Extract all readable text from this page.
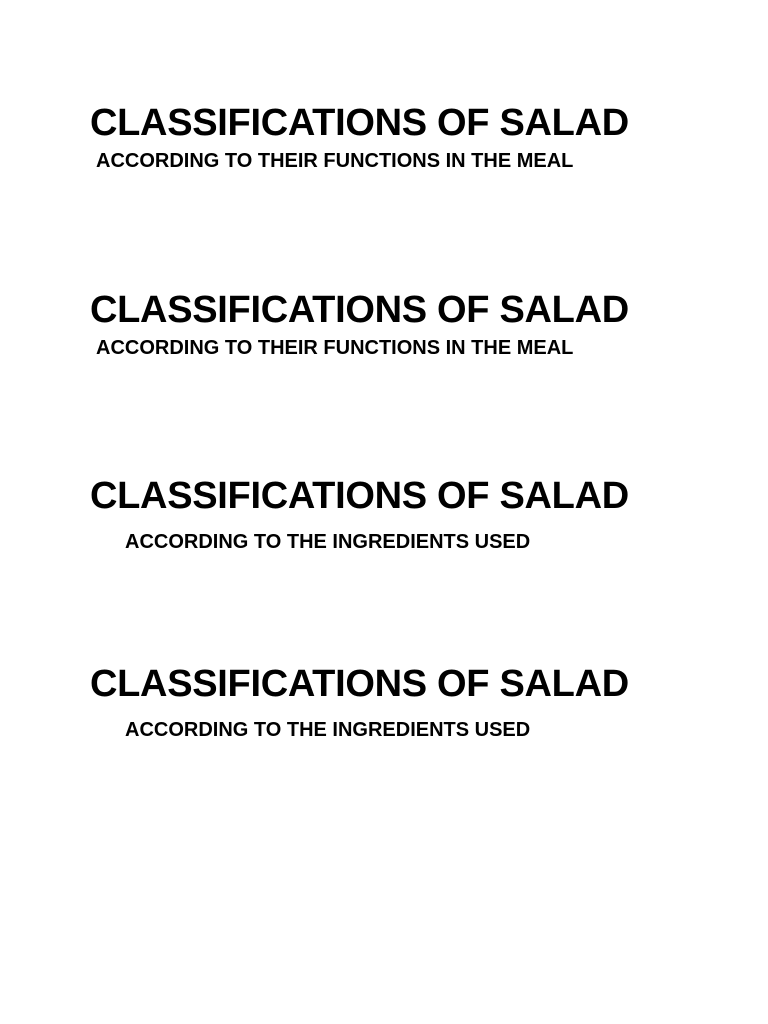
CLASSIFICATIONS OF SALAD

ACCORDING TO THEIR FUNCTIONS IN THE MEAL

CLASSIFICATIONS OF SALAD

ACCORDING TO THEIR FUNCTIONS IN THE MEAL

CLASSIFICATIONS OF SALAD

ACCORDING TO THE INGREDIENTS USED

CLASSIFICATIONS OF SALAD

ACCORDING TO THE INGREDIENTS USED
